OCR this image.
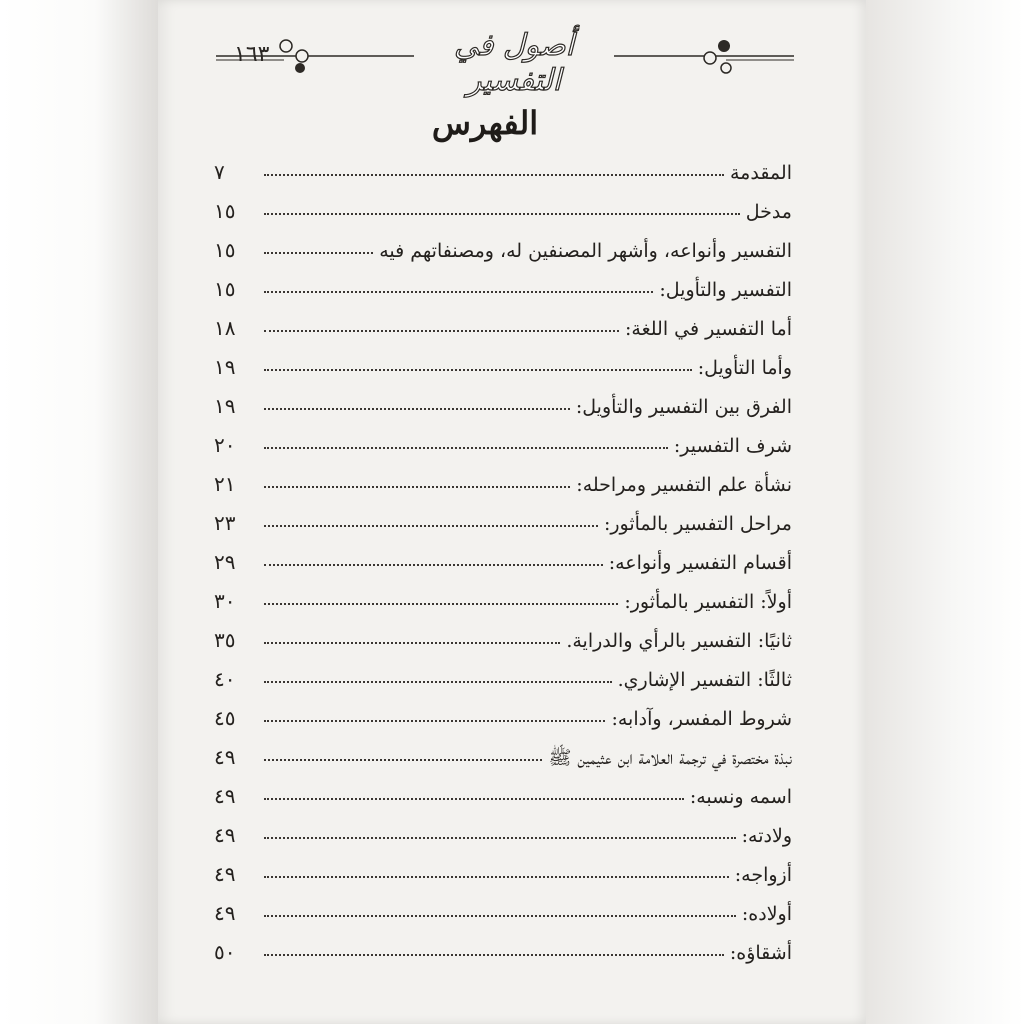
١٦٣	أصول في التفسير
الفهرس
المقدمة
٧
مدخل
١٥
التفسير وأنواعه، وأشهر المصنفين له، ومصنفاتهم فيه
١٥
التفسير والتأويل:
١٥
أما التفسير في اللغة:
١٨
وأما التأويل:
١٩
الفرق بين التفسير والتأويل:
١٩
شرف التفسير:
٢٠
نشأة علم التفسير ومراحله:
٢١
مراحل التفسير بالمأثور:
٢٣
أقسام التفسير وأنواعه:
٢٩
أولاً: التفسير بالمأثور:
٣٠
ثانيًا: التفسير بالرأي والدراية.
٣٥
ثالثًا: التفسير الإشاري.
٤٠
شروط المفسر، وآدابه:
٤٥
نبذة مختصرة في ترجمة العلامة ابن عثيمين ﷺ
٤٩
اسمه ونسبه:
٤٩
ولادته:
٤٩
أزواجه:
٤٩
أولاده:
٤٩
أشقاؤه:
٥٠
